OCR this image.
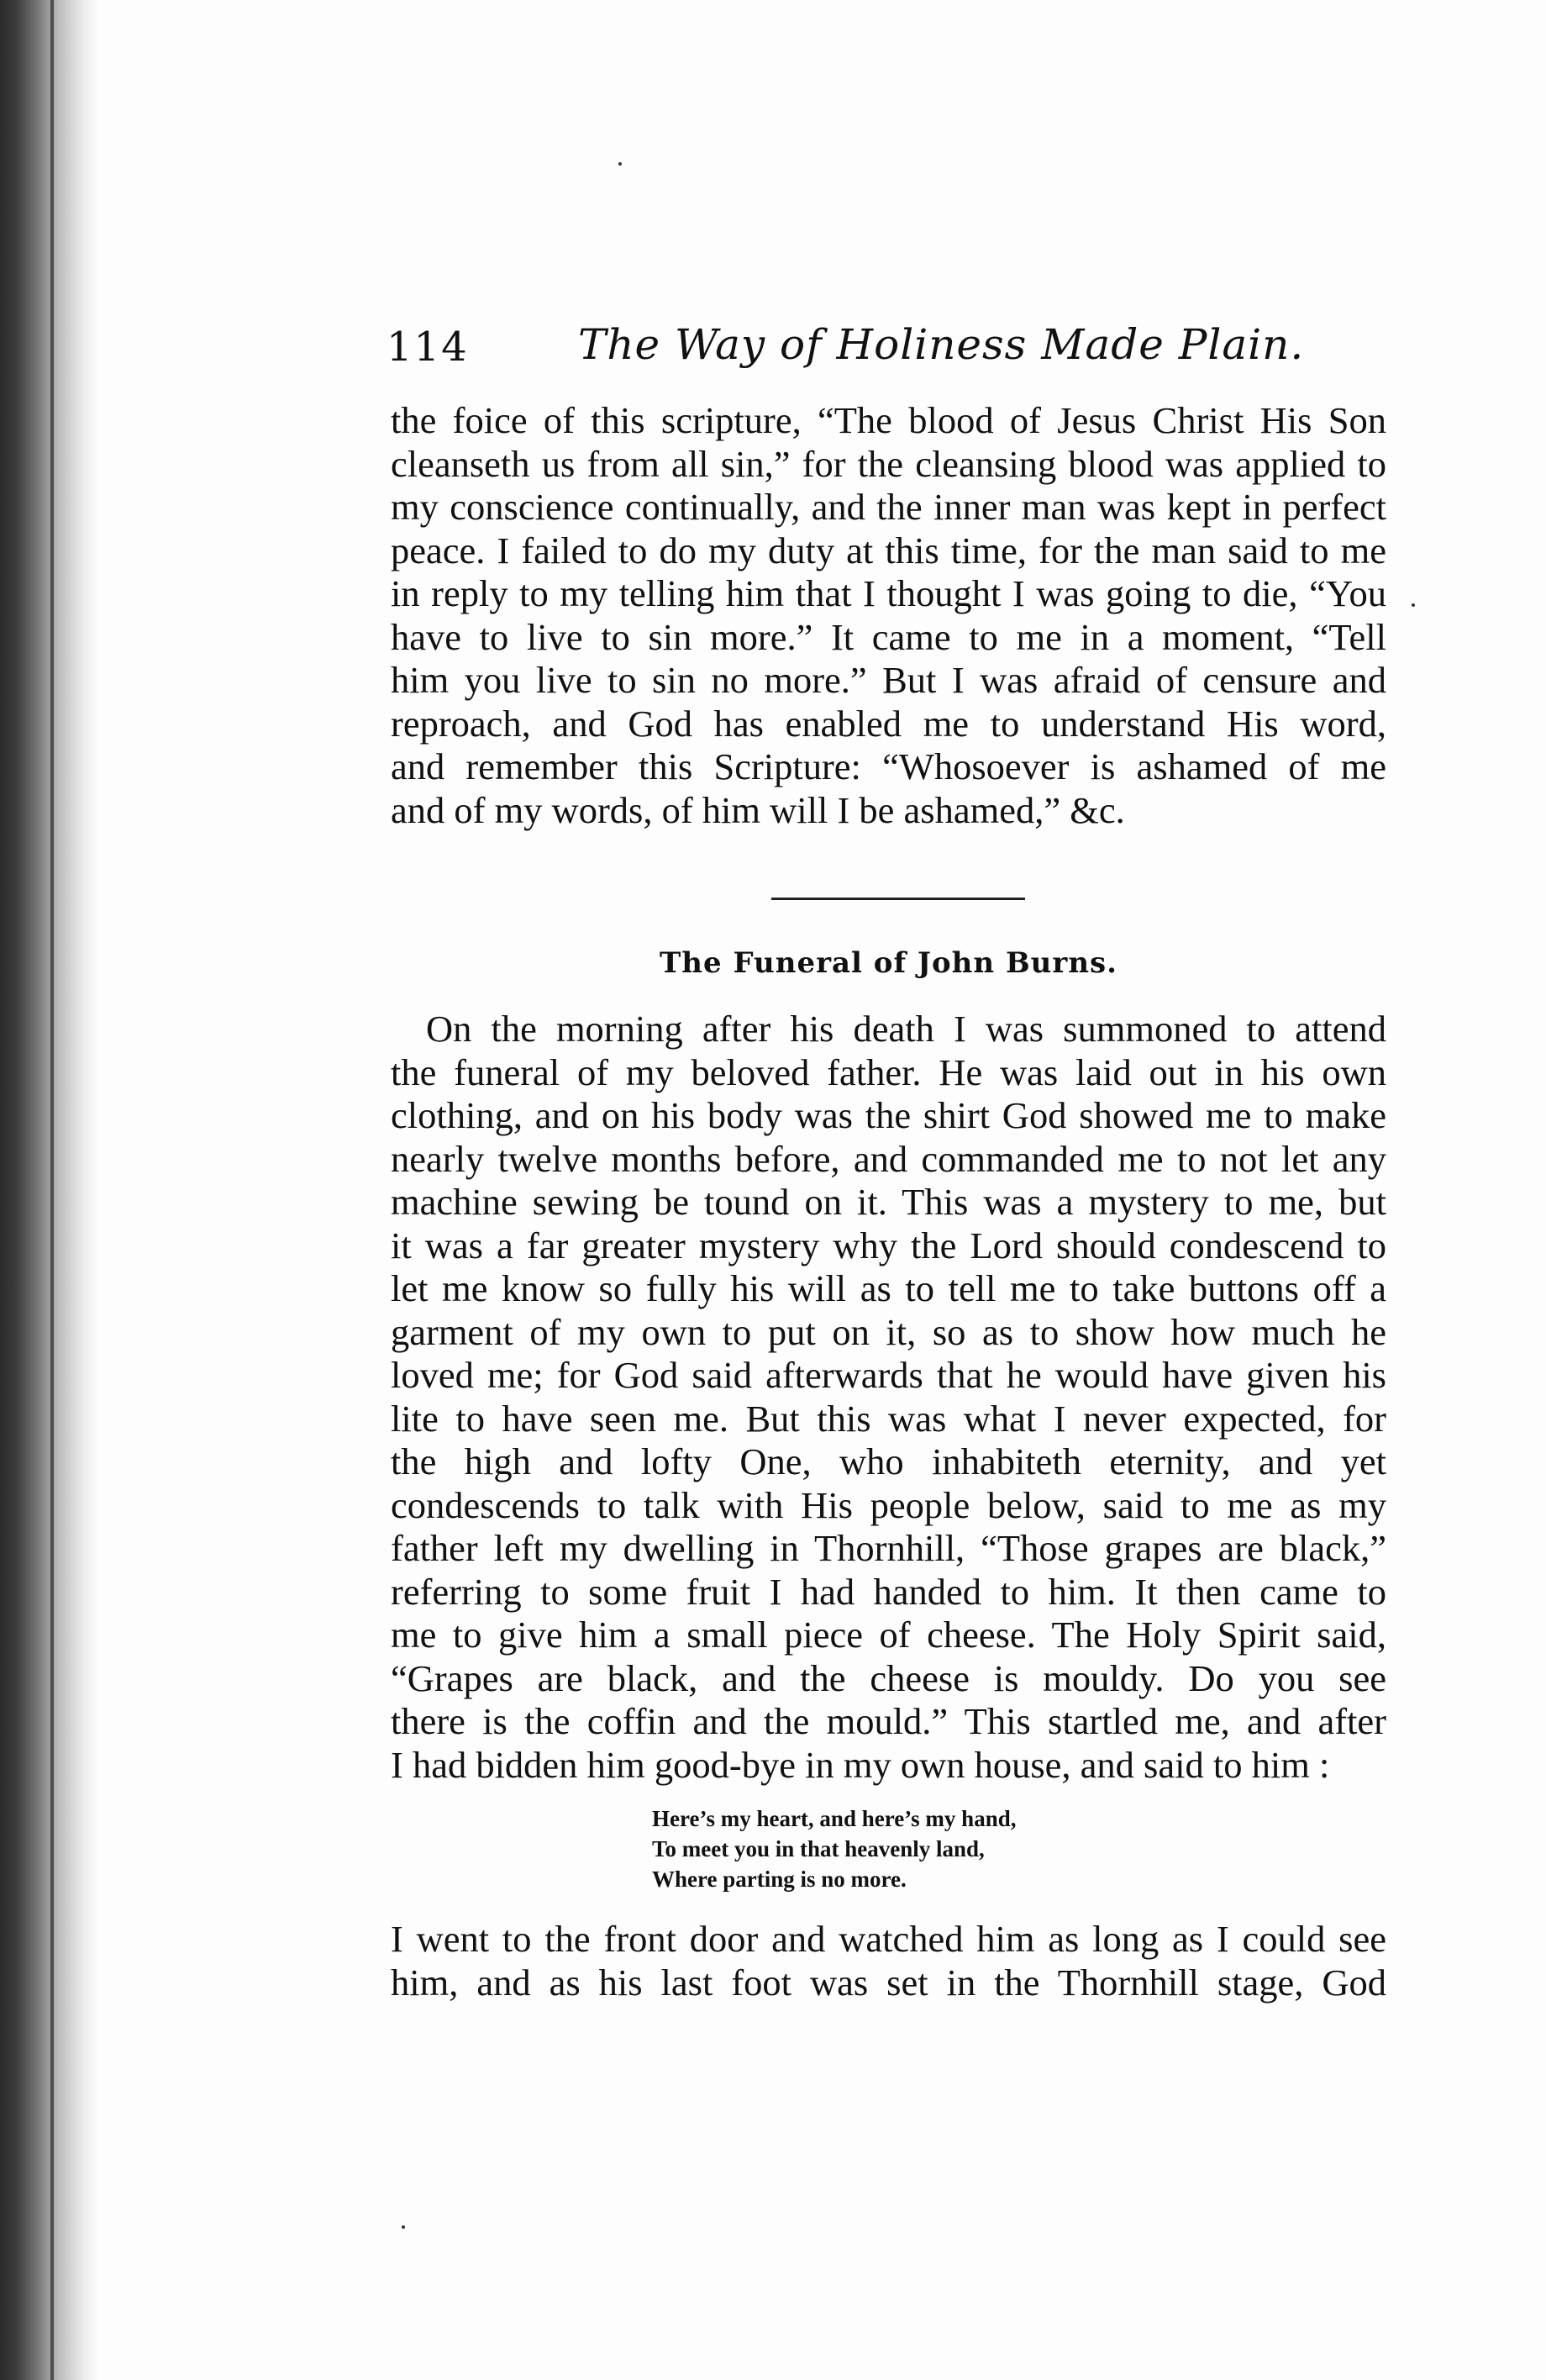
114	The Way of Holiness Made Plain.
the foice of this scripture, “The blood of Jesus Christ His Son
cleanseth us from all sin,” for the cleansing blood was applied to
my conscience continually, and the inner man was kept in perfect
peace. I failed to do my duty at this time, for the man said to me
in reply to my telling him that I thought I was going to die, “You
have to live to sin more.” It came to me in a moment, “Tell
him you live to sin no more.” But I was afraid of censure and
reproach, and God has enabled me to understand His word,
and remember this Scripture: “Whosoever is ashamed of me
and of my words, of him will I be ashamed,” &c.
The Funeral of John Burns.
On the morning after his death I was summoned to attend
the funeral of my beloved father. He was laid out in his own
clothing, and on his body was the shirt God showed me to make
nearly twelve months before, and commanded me to not let any
machine sewing be tound on it. This was a mystery to me, but
it was a far greater mystery why the Lord should condescend to
let me know so fully his will as to tell me to take buttons off a
garment of my own to put on it, so as to show how much he
loved me; for God said afterwards that he would have given his
lite to have seen me. But this was what I never expected, for
the high and lofty One, who inhabiteth eternity, and yet
condescends to talk with His people below, said to me as my
father left my dwelling in Thornhill, “Those grapes are black,”
referring to some fruit I had handed to him. It then came to
me to give him a small piece of cheese. The Holy Spirit said,
“Grapes are black, and the cheese is mouldy. Do you see
there is the coffin and the mould.” This startled me, and after
I had bidden him good-bye in my own house, and said to him :
Here’s my heart, and here’s my hand,
To meet you in that heavenly land,
Where parting is no more.
I went to the front door and watched him as long as I could see
him, and as his last foot was set in the Thornhill stage, God
